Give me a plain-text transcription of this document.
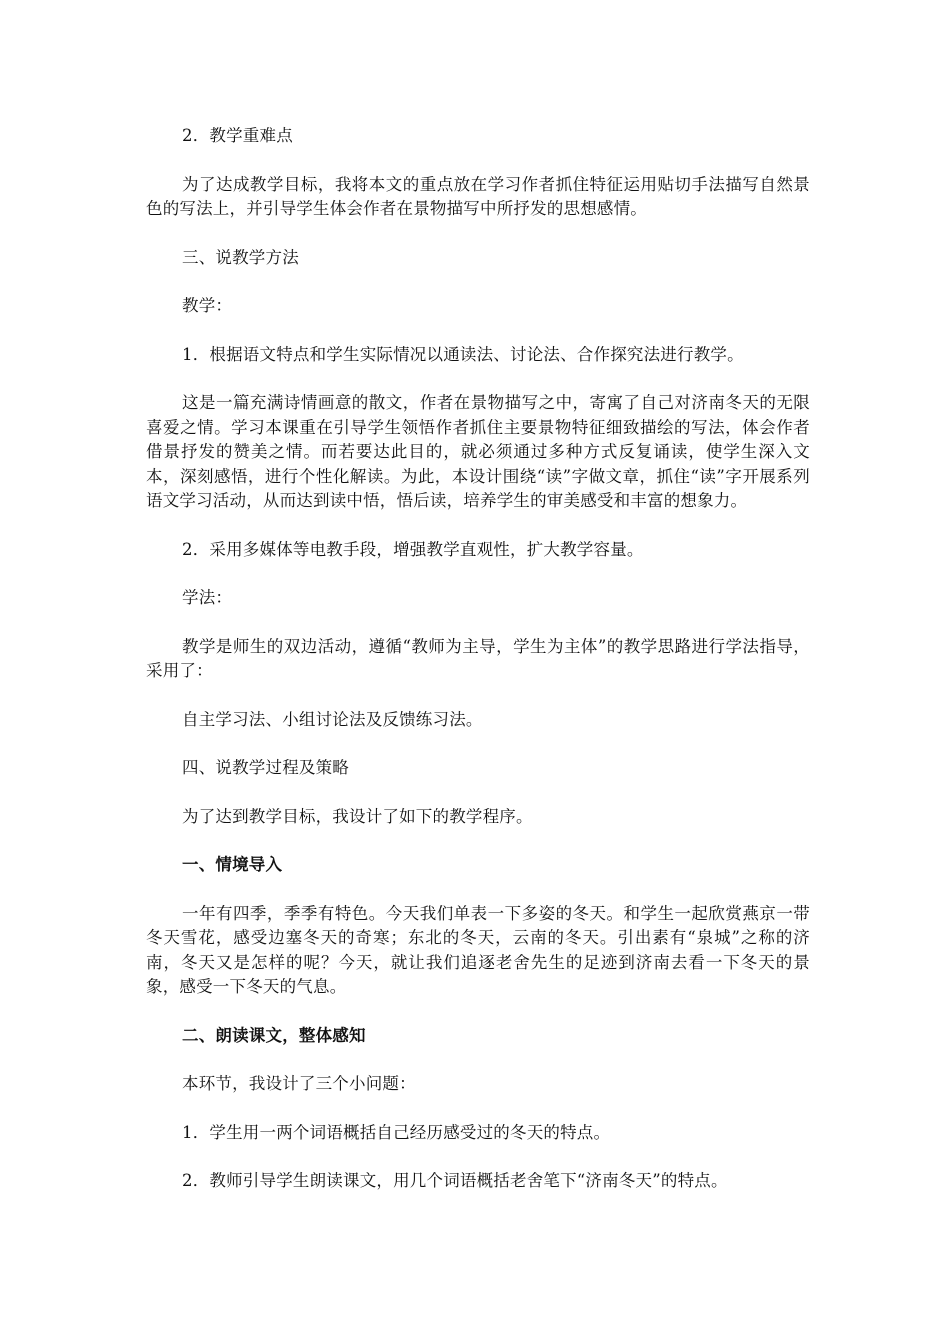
2．教学重难点

为了达成教学目标，我将本文的重点放在学习作者抓住特征运用贴切手法描写自然景色的写法上，并引导学生体会作者在景物描写中所抒发的思想感情。

三、说教学方法

教学：

1．根据语文特点和学生实际情况以通读法、讨论法、合作探究法进行教学。

这是一篇充满诗情画意的散文，作者在景物描写之中，寄寓了自己对济南冬天的无限喜爱之情。学习本课重在引导学生领悟作者抓住主要景物特征细致描绘的写法，体会作者借景抒发的赞美之情。而若要达此目的，就必须通过多种方式反复诵读，使学生深入文本，深刻感悟，进行个性化解读。为此，本设计围绕“读”字做文章，抓住“读”字开展系列语文学习活动，从而达到读中悟，悟后读，培养学生的审美感受和丰富的想象力。

2．采用多媒体等电教手段，增强教学直观性，扩大教学容量。

学法：

教学是师生的双边活动，遵循“教师为主导，学生为主体”的教学思路进行学法指导，采用了：

自主学习法、小组讨论法及反馈练习法。

四、说教学过程及策略

为了达到教学目标，我设计了如下的教学程序。

一、情境导入

一年有四季，季季有特色。今天我们单表一下多姿的冬天。和学生一起欣赏燕京一带冬天雪花，感受边塞冬天的奇寒；东北的冬天，云南的冬天。引出素有“泉城”之称的济南，冬天又是怎样的呢？今天，就让我们追逐老舍先生的足迹到济南去看一下冬天的景象，感受一下冬天的气息。

二、朗读课文，整体感知

本环节，我设计了三个小问题：

1．学生用一两个词语概括自己经历感受过的冬天的特点。

2．教师引导学生朗读课文，用几个词语概括老舍笔下“济南冬天”的特点。
